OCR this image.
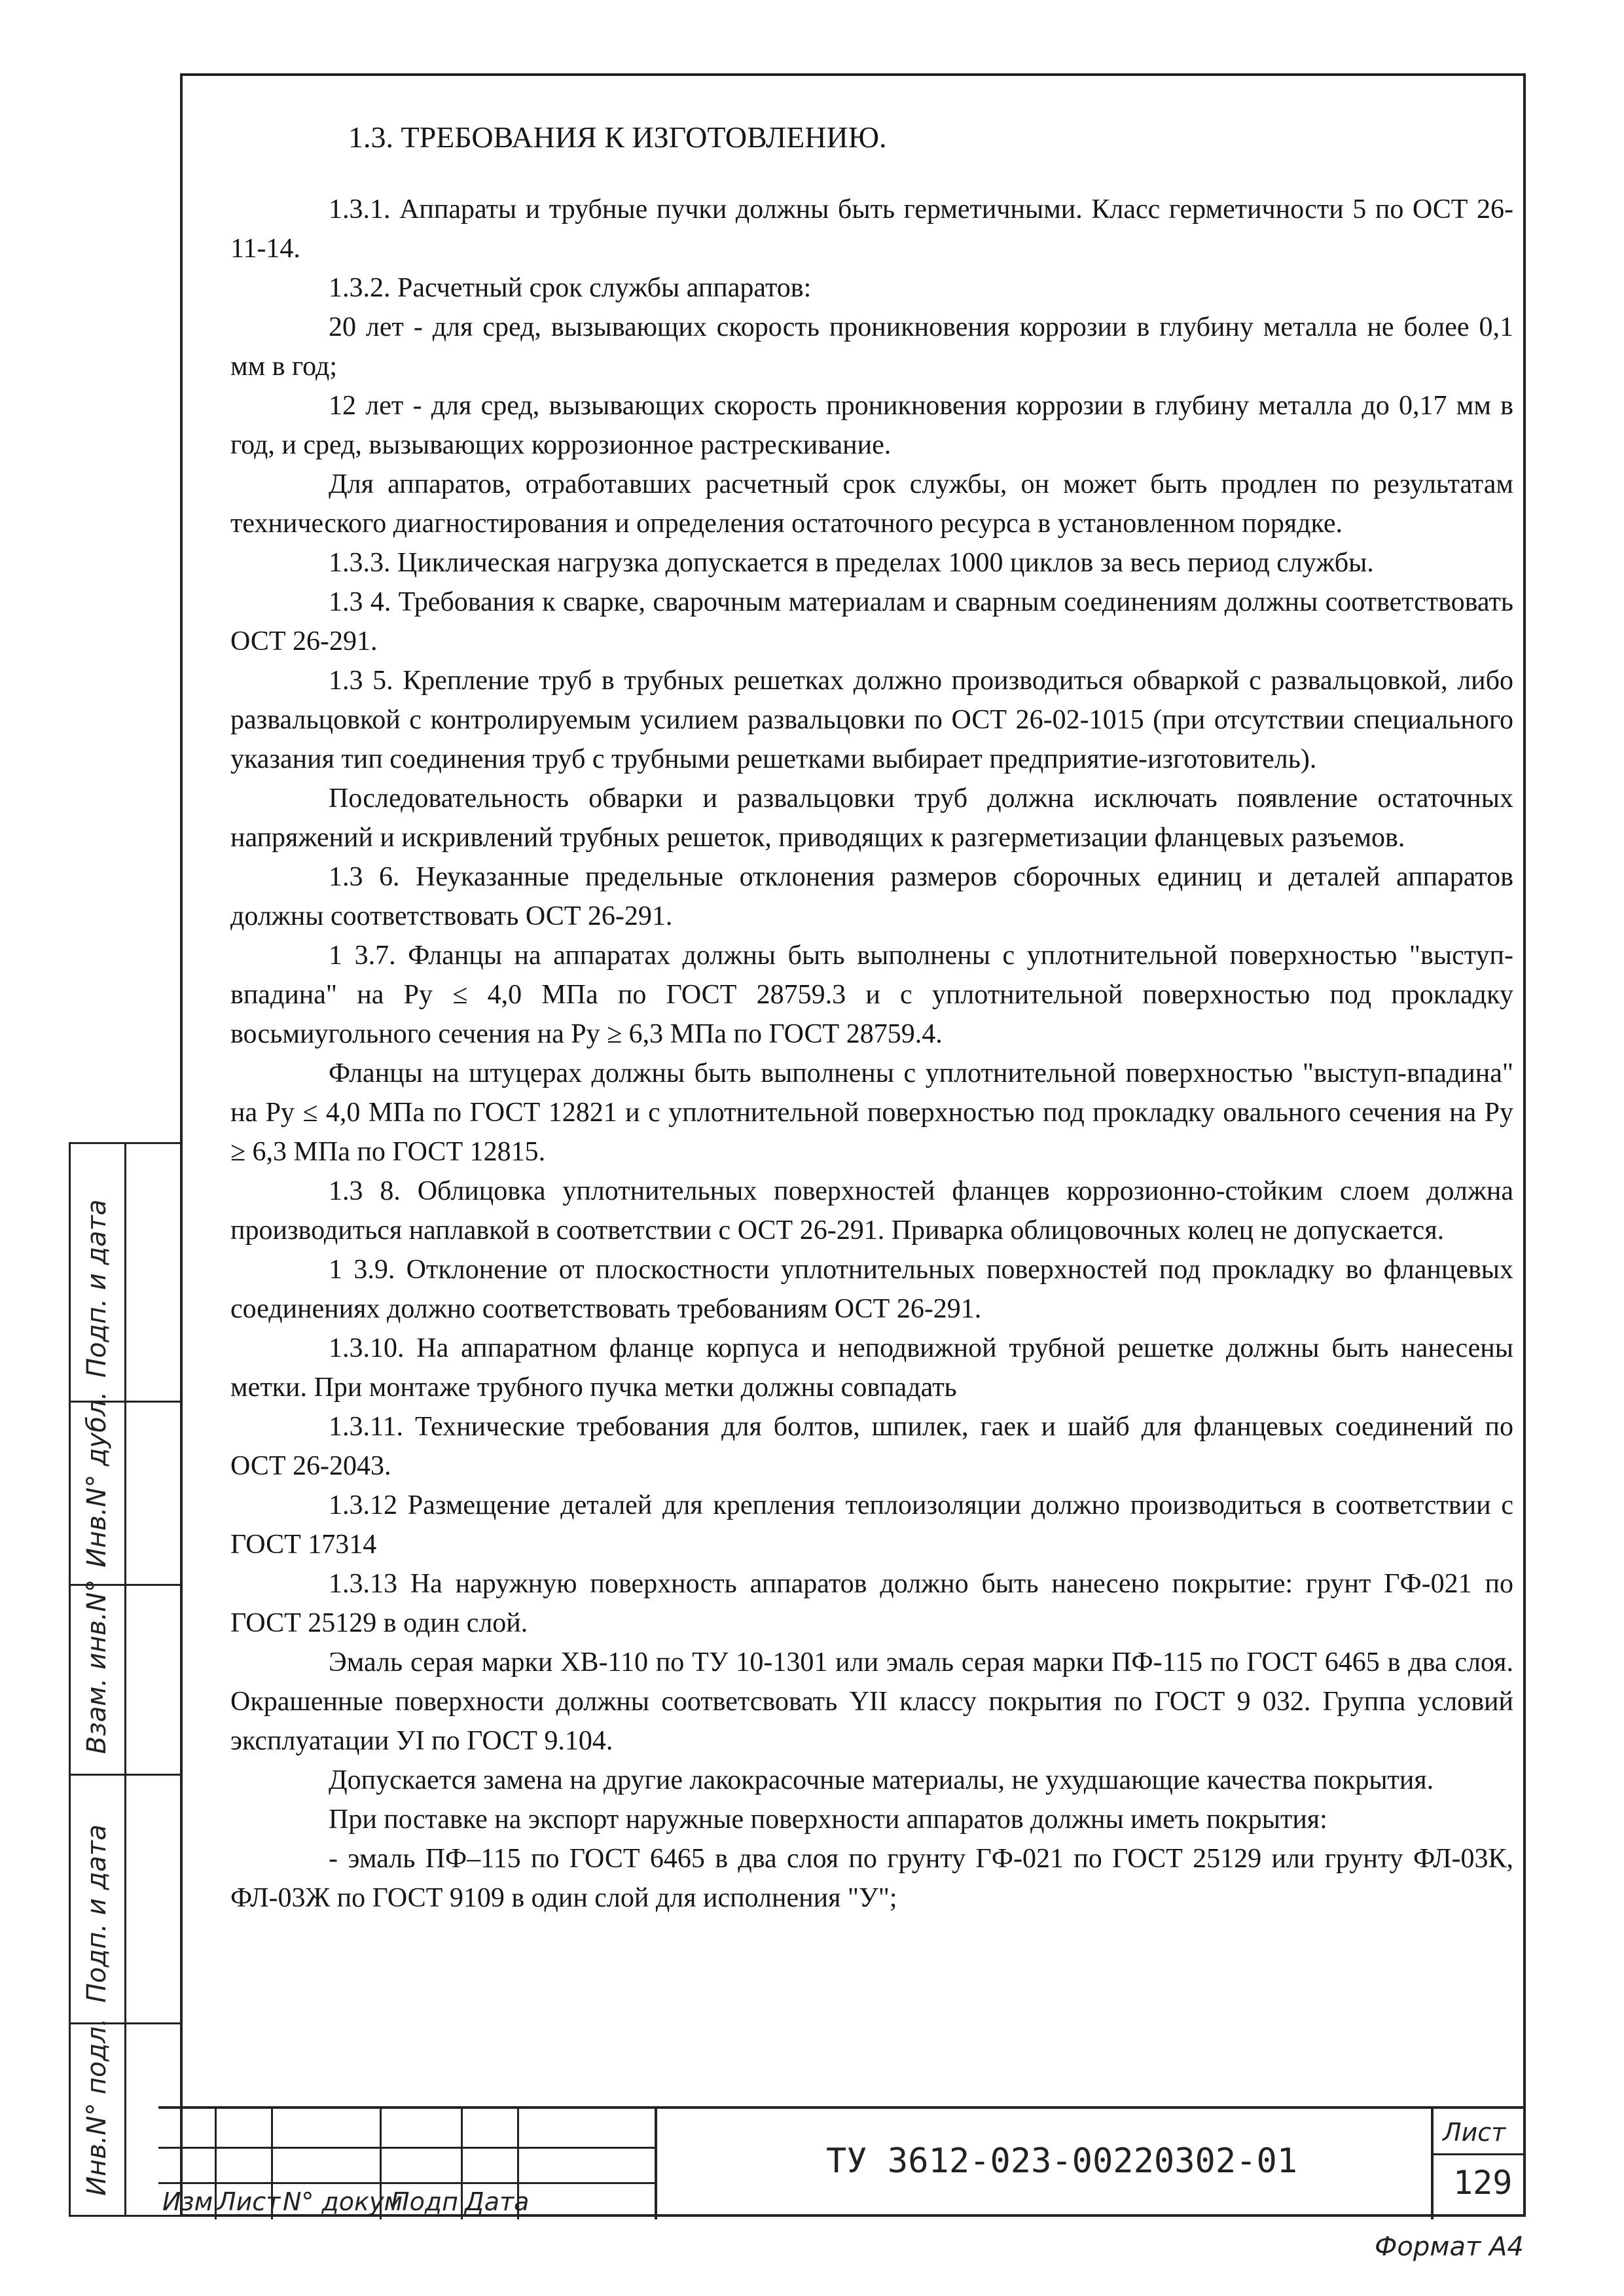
1.3. ТРЕБОВАНИЯ К ИЗГОТОВЛЕНИЮ.

1.3.1. Аппараты и трубные пучки должны быть герметичными. Класс герметичности 5 по ОСТ 26-11-14.

1.3.2. Расчетный срок службы аппаратов:

20 лет - для сред, вызывающих скорость проникновения коррозии в глубину металла не более 0,1 мм в год;

12 лет - для сред, вызывающих скорость проникновения коррозии в глубину металла до 0,17 мм в год, и сред, вызывающих коррозионное растрескивание.

Для аппаратов, отработавших расчетный срок службы, он может быть продлен по результатам технического диагностирования и определения остаточного ресурса в установленном порядке.

1.3.3. Циклическая нагрузка допускается в пределах 1000 циклов за весь период службы.

1.3 4. Требования к сварке, сварочным материалам и сварным соединениям должны соответствовать ОСТ 26-291.

1.3 5. Крепление труб в трубных решетках должно производиться обваркой с развальцовкой, либо развальцовкой с контролируемым усилием развальцовки по ОСТ 26-02-1015 (при отсутствии специального указания тип соединения труб с трубными решетками выбирает предприятие-изготовитель).

Последовательность обварки и развальцовки труб должна исключать появление остаточных напряжений и искривлений трубных решеток, приводящих к разгерметизации фланцевых разъемов.

1.3 6. Неуказанные предельные отклонения размеров сборочных единиц и деталей аппаратов должны соответствовать ОСТ 26-291.

1 3.7. Фланцы на аппаратах должны быть выполнены с уплотнительной поверхностью "выступ-впадина" на Ру ≤ 4,0 МПа по ГОСТ 28759.3 и с уплотнительной поверхностью под прокладку восьмиугольного сечения на Ру ≥ 6,3 МПа по ГОСТ 28759.4.

Фланцы на штуцерах должны быть выполнены с уплотнительной поверхностью "выступ-впадина" на Ру ≤ 4,0 МПа по ГОСТ 12821 и с уплотнительной поверхностью под прокладку овального сечения на Ру ≥ 6,3 МПа по ГОСТ 12815.

1.3 8. Облицовка уплотнительных поверхностей фланцев коррозионно-стойким слоем должна производиться наплавкой в соответствии с ОСТ 26-291. Приварка облицовочных колец не допускается.

1 3.9. Отклонение от плоскостности уплотнительных поверхностей под прокладку во фланцевых соединениях должно соответствовать требованиям ОСТ 26-291.

1.3.10. На аппаратном фланце корпуса и неподвижной трубной решетке должны быть нанесены метки. При монтаже трубного пучка метки должны совпадать

1.3.11. Технические требования для болтов, шпилек, гаек и шайб для фланцевых соединений по ОСТ 26-2043.

1.3.12 Размещение деталей для крепления теплоизоляции должно производиться в соответствии с ГОСТ 17314

1.3.13 На наружную поверхность аппаратов должно быть нанесено покрытие: грунт ГФ-021 по ГОСТ 25129 в один слой.

Эмаль серая марки ХВ-110 по ТУ 10-1301 или эмаль серая марки ПФ-115 по ГОСТ 6465 в два слоя. Окрашенные поверхности должны соответсвовать YII классу покрытия по ГОСТ 9 032. Группа условий эксплуатации УI по ГОСТ 9.104.

Допускается замена на другие лакокрасочные материалы, не ухудшающие качества покрытия.

При поставке на экспорт наружные поверхности аппаратов должны иметь покрытия:

- эмаль ПФ–115 по ГОСТ 6465 в два слоя по грунту ГФ-021 по ГОСТ 25129 или грунту ФЛ-03К, ФЛ-03Ж по ГОСТ 9109 в один слой для исполнения "У";

Подп. и дата
Инв.N° дубл.
Взам. инв.N°
Подп. и дата
Инв.N° подл.
Изм Лист N° докум
Подп Дата
ТУ 3612-023-00220302-01
Лист
129
Формат А4
